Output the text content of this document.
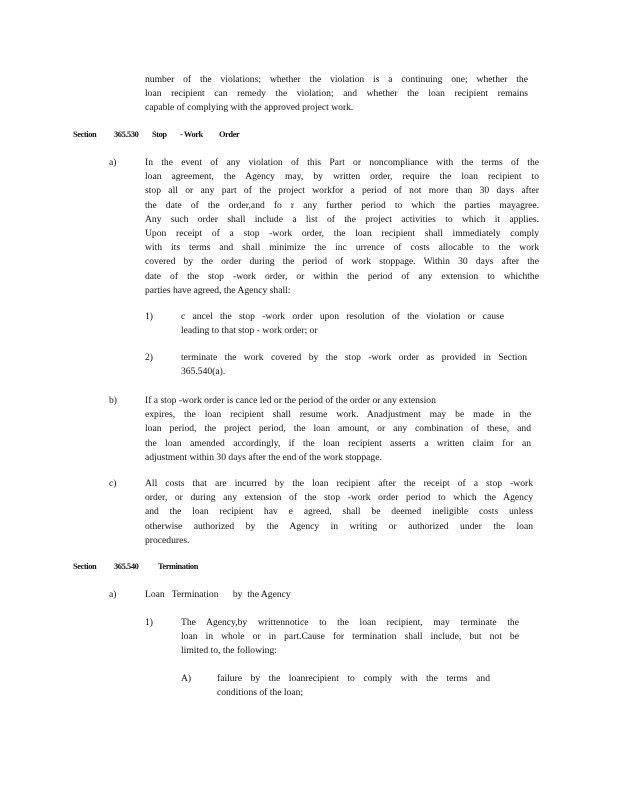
number of the violations; whether the violation is a continuing one; whether the
loan recipient can remedy the violation; and whether the loan recipient remains
capable of complying with the approved project work.
Section 365.530 Stop - Work Order
a)	In the event of any violation of this Part or noncompliance with the terms of the
loan agreement, the Agency may, by written order, require the loan recipient to
stop all or any part of the project workfor a period of not more than 30 days after
the date of the order,and fo r any further period to which the parties mayagree.
Any such order shall include a list of the project activities to which it applies.
Upon receipt of a stop -work order, the loan recipient shall immediately comply
with its terms and shall minimize the inc urrence of costs allocable to the work
covered by the order during the period of work stoppage. Within 30 days after the
date of the stop -work order, or within the period of any extension to whichthe
parties have agreed, the Agency shall:
1)	c ancel the stop -work order upon resolution of the violation or cause
leading to that stop - work order; or
2)	terminate the work covered by the stop -work order as provided in Section
365.540(a).
b)	If a stop -work order is cance led or the period of the order or any extension
expires, the loan recipient shall resume work. Anadjustment may be made in the
loan period, the project period, the loan amount, or any combination of these, and
the loan amended accordingly, if the loan recipient asserts a written claim for an
adjustment within 30 days after the end of the work stoppage.
c)	All costs that are incurred by the loan recipient after the receipt of a stop -work
order, or during any extension of the stop -work order period to which the Agency
and the loan recipient hav e agreed, shall be deemed ineligible costs unless
otherwise authorized by the Agency in writing or authorized under the loan
procedures.
Section 365.540 Termination
a)	Loan   Termination      by  the Agency
1)	The Agency,by writtennotice to the loan recipient, may terminate the
loan in whole or in part.Cause for termination shall include, but not be
limited to, the following:
A)	failure by the loanrecipient to comply with the terms and
conditions of the loan;
